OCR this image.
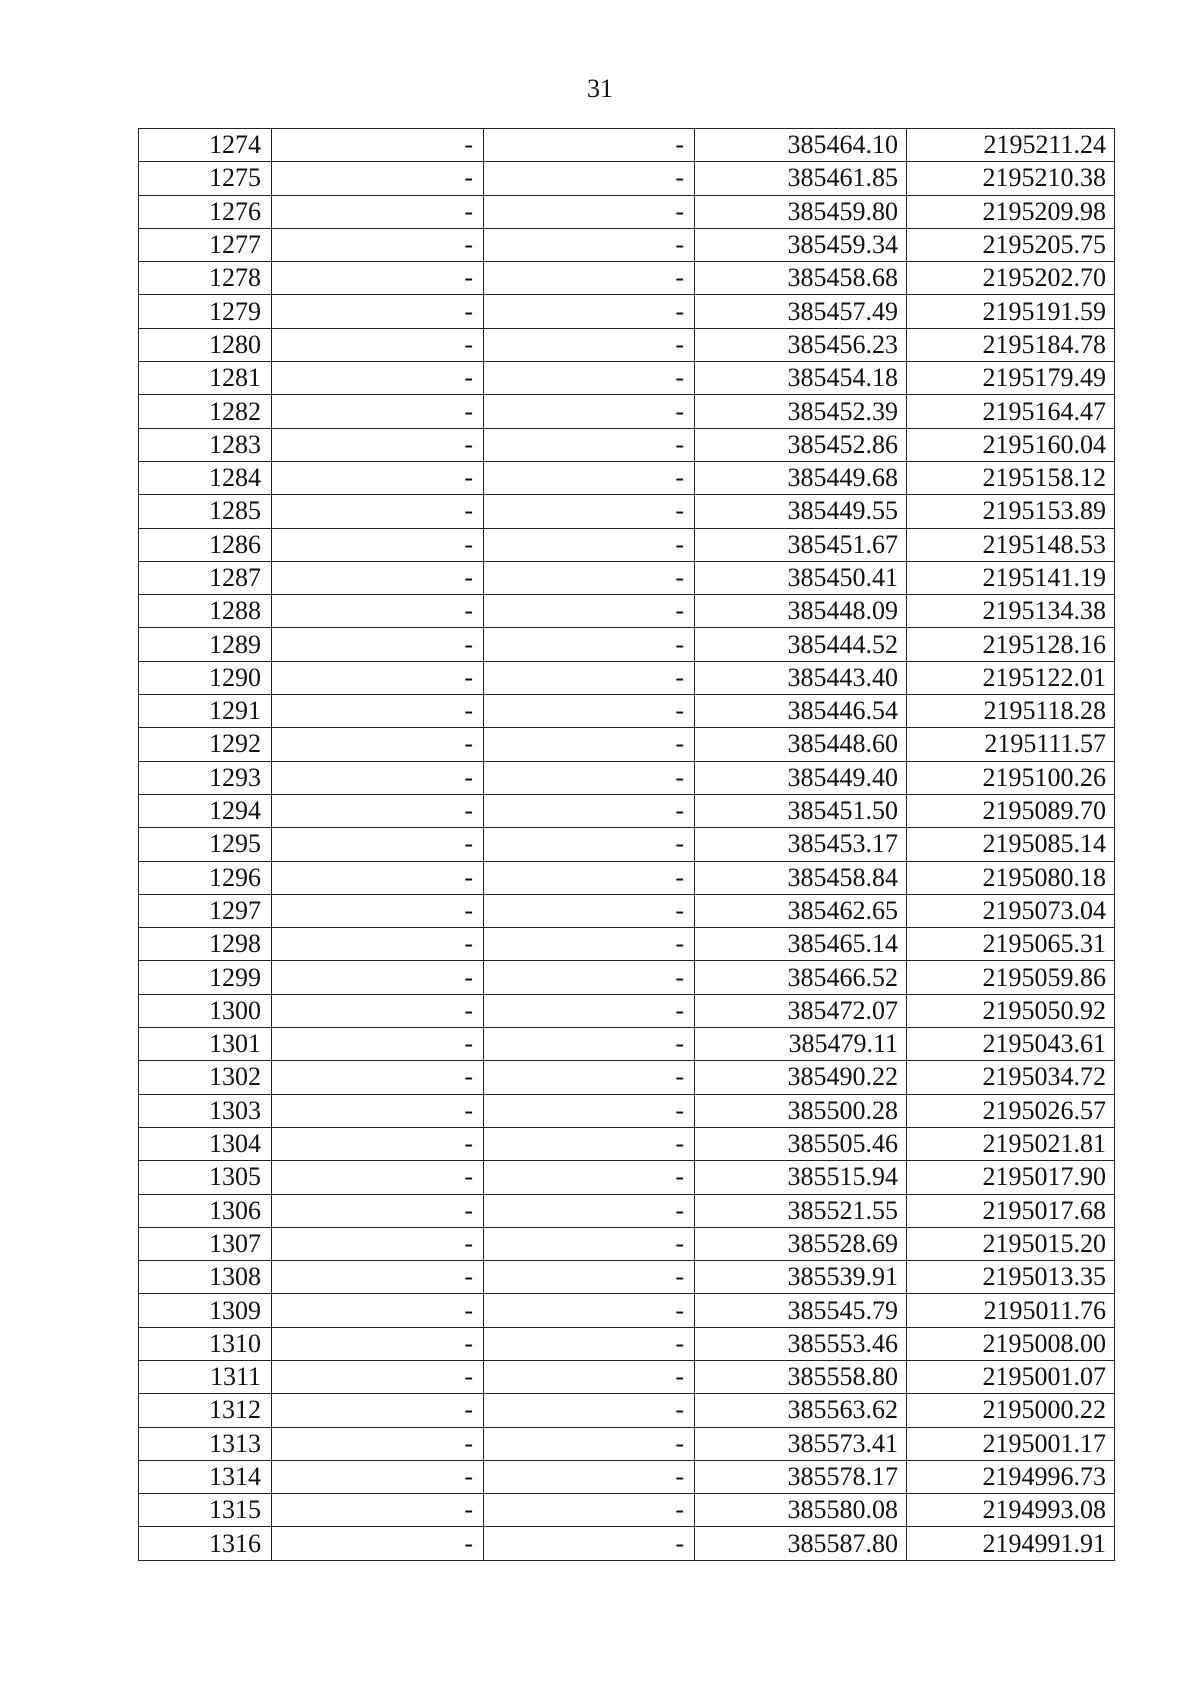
31
1274	-	-	385464.10	2195211.24
1275	-	-	385461.85	2195210.38
1276	-	-	385459.80	2195209.98
1277	-	-	385459.34	2195205.75
1278	-	-	385458.68	2195202.70
1279	-	-	385457.49	2195191.59
1280	-	-	385456.23	2195184.78
1281	-	-	385454.18	2195179.49
1282	-	-	385452.39	2195164.47
1283	-	-	385452.86	2195160.04
1284	-	-	385449.68	2195158.12
1285	-	-	385449.55	2195153.89
1286	-	-	385451.67	2195148.53
1287	-	-	385450.41	2195141.19
1288	-	-	385448.09	2195134.38
1289	-	-	385444.52	2195128.16
1290	-	-	385443.40	2195122.01
1291	-	-	385446.54	2195118.28
1292	-	-	385448.60	2195111.57
1293	-	-	385449.40	2195100.26
1294	-	-	385451.50	2195089.70
1295	-	-	385453.17	2195085.14
1296	-	-	385458.84	2195080.18
1297	-	-	385462.65	2195073.04
1298	-	-	385465.14	2195065.31
1299	-	-	385466.52	2195059.86
1300	-	-	385472.07	2195050.92
1301	-	-	385479.11	2195043.61
1302	-	-	385490.22	2195034.72
1303	-	-	385500.28	2195026.57
1304	-	-	385505.46	2195021.81
1305	-	-	385515.94	2195017.90
1306	-	-	385521.55	2195017.68
1307	-	-	385528.69	2195015.20
1308	-	-	385539.91	2195013.35
1309	-	-	385545.79	2195011.76
1310	-	-	385553.46	2195008.00
1311	-	-	385558.80	2195001.07
1312	-	-	385563.62	2195000.22
1313	-	-	385573.41	2195001.17
1314	-	-	385578.17	2194996.73
1315	-	-	385580.08	2194993.08
1316	-	-	385587.80	2194991.91
